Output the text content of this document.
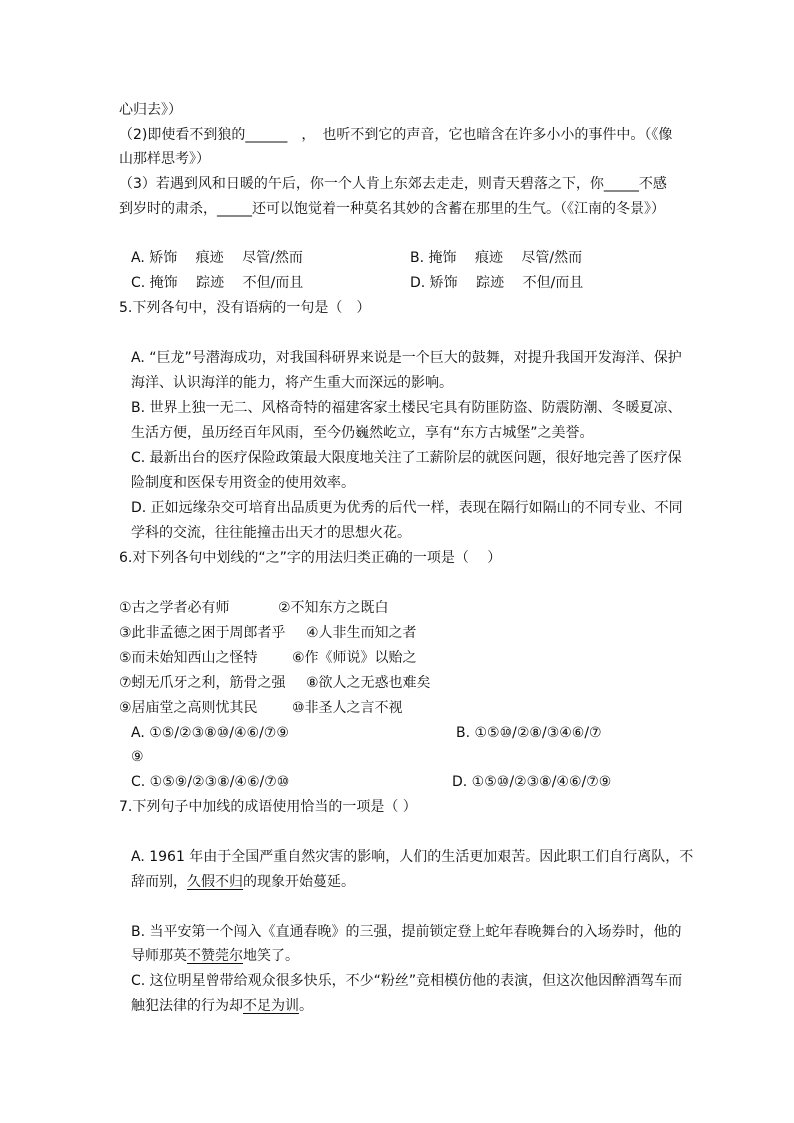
心归去》）
（2)即使看不到狼的______　，　也听不到它的声音，它也暗含在许多小小的事件中。（《像
山那样思考》）
（3）若遇到风和日暖的午后，你一个人肯上东郊去走走，则青天碧落之下，你_____不感
到岁时的肃杀，_____还可以饱觉着一种莫名其妙的含蓄在那里的生气。（《江南的冬景》）
A. 矫饰　 痕迹　 尽管/然而	B. 掩饰　 痕迹　 尽管/然而
C. 掩饰　 踪迹　 不但/而且	D. 矫饰　 踪迹　 不但/而且
5.下列各句中，没有语病的一句是（　）
A. “巨龙”号潜海成功，对我国科研界来说是一个巨大的鼓舞，对提升我国开发海洋、保护
海洋、认识海洋的能力，将产生重大而深远的影响。
B. 世界上独一无二、风格奇特的福建客家土楼民宅具有防匪防盗、防震防潮、冬暖夏凉、
生活方便，虽历经百年风雨，至今仍巍然屹立，享有“东方古城堡”之美誉。
C. 最新出台的医疗保险政策最大限度地关注了工薪阶层的就医问题，很好地完善了医疗保
险制度和医保专用资金的使用效率。
D. 正如远缘杂交可培育出品质更为优秀的后代一样，表现在隔行如隔山的不同专业、不同
学科的交流，往往能撞击出天才的思想火花。
6.对下列各句中划线的“之”字的用法归类正确的一项是（　 ）
①古之学者必有师	②不知东方之既白
③此非孟德之困于周郎者乎 ④人非生而知之者
⑤而未始知西山之怪特 ⑥作《师说》以贻之
⑦蚓无爪牙之利，筋骨之强 ⑧欲人之无惑也难矣
⑨居庙堂之高则忧其民 ⑩非圣人之言不视
A. ①⑤/②③⑧⑩/④⑥/⑦⑨	B. ①⑤⑩/②⑧/③④⑥/⑦
⑨
C. ①⑤⑨/②③⑧/④⑥/⑦⑩	D. ①⑤⑩/②③⑧/④⑥/⑦⑨
7.下列句子中加线的成语使用恰当的一项是（ ）
A. 1961 年由于全国严重自然灾害的影响，人们的生活更加艰苦。因此职工们自行离队，不
辞而别，久假不归的现象开始蔓延。
B. 当平安第一个闯入《直通春晚》的三强，提前锁定登上蛇年春晚舞台的入场券时，他的
导师那英不赞莞尔地笑了。
C. 这位明星曾带给观众很多快乐，不少“粉丝”竞相模仿他的表演，但这次他因醉酒驾车而
触犯法律的行为却不足为训。
